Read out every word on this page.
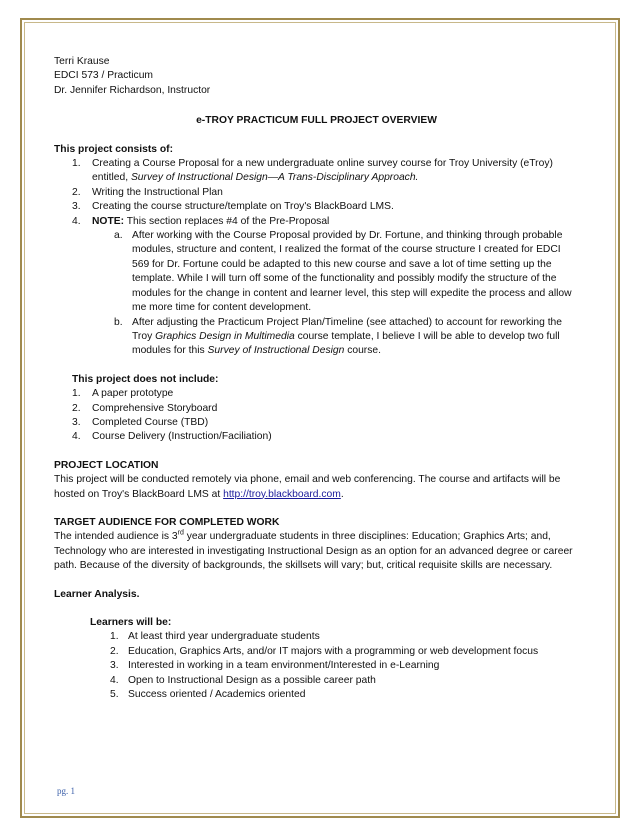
Terri Krause
EDCI 573 / Practicum
Dr. Jennifer Richardson, Instructor
e-TROY PRACTICUM FULL PROJECT OVERVIEW
This project consists of:
1. Creating a Course Proposal for a new undergraduate online survey course for Troy University (eTroy) entitled, Survey of Instructional Design—A Trans-Disciplinary Approach.
2. Writing the Instructional Plan
3. Creating the course structure/template on Troy's BlackBoard LMS.
4. NOTE: This section replaces #4 of the Pre-Proposal
a. After working with the Course Proposal provided by Dr. Fortune, and thinking through probable modules, structure and content, I realized the format of the course structure I created for EDCI 569 for Dr. Fortune could be adapted to this new course and save a lot of time setting up the template. While I will turn off some of the functionality and possibly modify the structure of the modules for the change in content and learner level, this step will expedite the process and allow me more time for content development.
b. After adjusting the Practicum Project Plan/Timeline (see attached) to account for reworking the Troy Graphics Design in Multimedia course template, I believe I will be able to develop two full modules for this Survey of Instructional Design course.
This project does not include:
1. A paper prototype
2. Comprehensive Storyboard
3. Completed Course (TBD)
4. Course Delivery (Instruction/Faciliation)
PROJECT LOCATION
This project will be conducted remotely via phone, email and web conferencing. The course and artifacts will be hosted on Troy's BlackBoard LMS at http://troy.blackboard.com.
TARGET AUDIENCE FOR COMPLETED WORK
The intended audience is 3rd year undergraduate students in three disciplines: Education; Graphics Arts; and, Technology who are interested in investigating Instructional Design as an option for an advanced degree or career path. Because of the diversity of backgrounds, the skillsets will vary; but, critical requisite skills are necessary.
Learner Analysis.
Learners will be:
1. At least third year undergraduate students
2. Education, Graphics Arts, and/or IT majors with a programming or web development focus
3. Interested in working in a team environment/Interested in e-Learning
4. Open to Instructional Design as a possible career path
5. Success oriented / Academics oriented
pg. 1
